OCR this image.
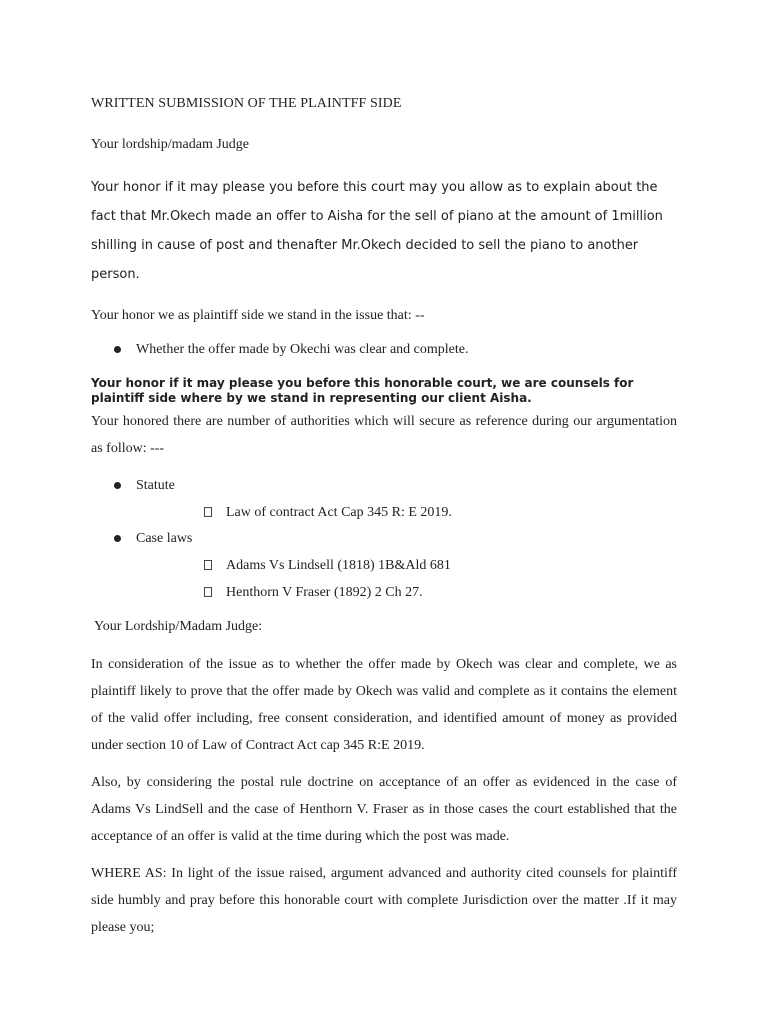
WRITTEN SUBMISSION OF THE PLAINTFF SIDE

Your lordship/madam Judge

Your honor if it may please you before this court may you allow as to explain about the fact that Mr.Okech made an offer to Aisha for the sell of piano at the amount of 1million shilling in cause of post and thenafter Mr.Okech decided to sell the piano to another person.

Your honor we as plaintiff side we stand in the issue that: --

Whether the offer made by Okechi was clear and complete.

Your honor if it may please you before this honorable court, we are counsels for plaintiff side where by we stand in representing our client Aisha.

Your honored there are number of authorities which will secure as reference during our argumentation as follow: ---

Statute
Law of contract Act Cap 345 R: E 2019.
Case laws
Adams Vs Lindsell (1818) 1B&Ald 681
Henthorn V Fraser (1892) 2 Ch 27.

Your Lordship/Madam Judge:

In consideration of the issue as to whether the offer made by Okech was clear and complete, we as plaintiff likely to prove that the offer made by Okech was valid and complete as it contains the element of the valid offer including, free consent consideration, and identified amount of money as provided under section 10 of Law of Contract Act cap 345 R:E 2019.

Also, by considering the postal rule doctrine on acceptance of an offer as evidenced in the case of Adams Vs LindSell and the case of Henthorn V. Fraser as in those cases the court established that the acceptance of an offer is valid at the time during which the post was made.

WHERE AS: In light of the issue raised, argument advanced and authority cited counsels for plaintiff side humbly and pray before this honorable court with complete Jurisdiction over the matter .If it may please you;
